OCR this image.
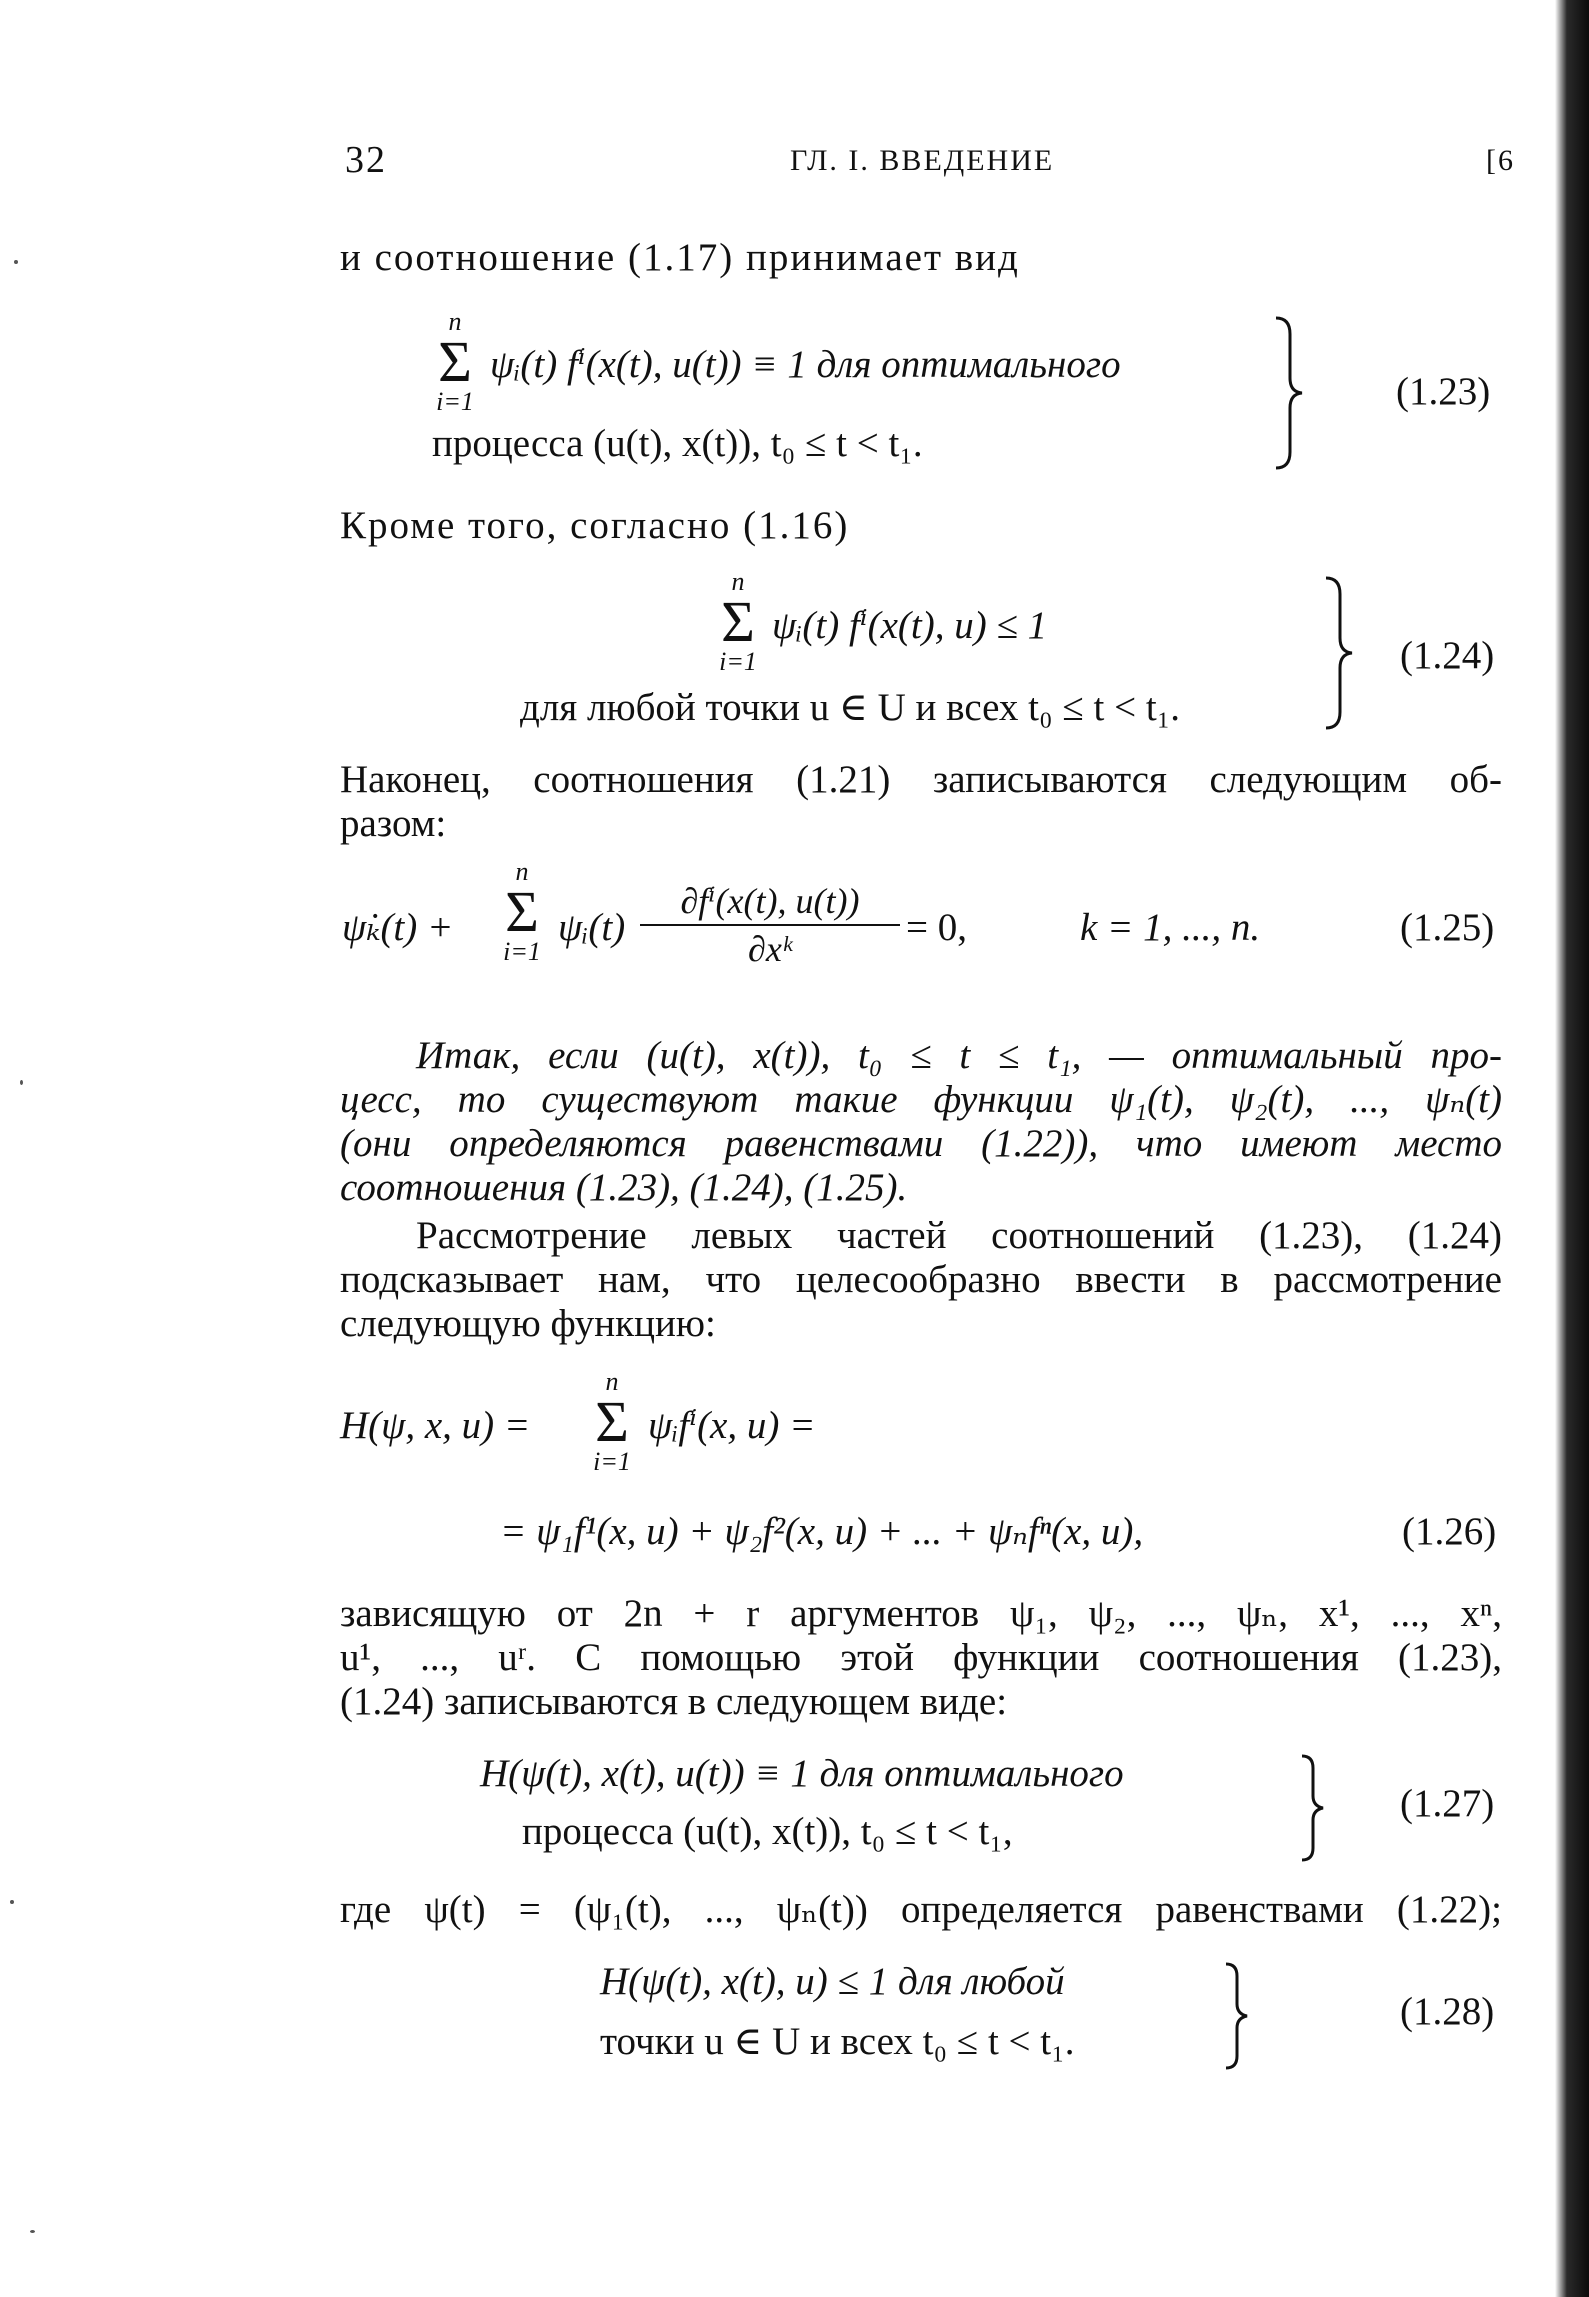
32	ГЛ. I. ВВЕДЕНИЕ	[6
и соотношение (1.17) принимает вид
n
Σ
i=1
ψᵢ(t) fⁱ(x(t), u(t)) ≡ 1 для оптимального
процесса (u(t), x(t)), t₀ ≤ t < t₁.
(1.23)
Кроме того, согласно (1.16)
n
Σ
i=1
ψᵢ(t) fⁱ(x(t), u) ≤ 1
для любой точки u ∈ U и всех t₀ ≤ t < t₁.
(1.24)
Наконец, соотношения (1.21) записываются следующим об-
разом:
ψ̇ₖ(t) +
n
Σ
i=1
ψᵢ(t)
∂fⁱ(x(t), u(t))
∂xᵏ	= 0,	k = 1, ..., n.	(1.25)
Итак, если (u(t), x(t)), t₀ ≤ t ≤ t₁, — оптимальный про-
цесс, то существуют такие функции ψ₁(t), ψ₂(t), ..., ψₙ(t)
(они определяются равенствами (1.22)), что имеют место
соотношения (1.23), (1.24), (1.25).
Рассмотрение левых частей соотношений (1.23), (1.24)
подсказывает нам, что целесообразно ввести в рассмотрение
следующую функцию:
H(ψ, x, u) =
n
Σ
i=1
ψᵢfⁱ(x, u) =
= ψ₁f¹(x, u) + ψ₂f²(x, u) + ... + ψₙfⁿ(x, u),	(1.26)
зависящую от 2n + r аргументов ψ₁, ψ₂, ..., ψₙ, x¹, ..., xⁿ,
u¹, ..., uʳ. С помощью этой функции соотношения (1.23),
(1.24) записываются в следующем виде:
H(ψ(t), x(t), u(t)) ≡ 1 для оптимального
процесса (u(t), x(t)), t₀ ≤ t < t₁,
(1.27)
где ψ(t) = (ψ₁(t), ..., ψₙ(t)) определяется равенствами (1.22);
H(ψ(t), x(t), u) ≤ 1 для любой
точки u ∈ U и всех t₀ ≤ t < t₁.
(1.28)
